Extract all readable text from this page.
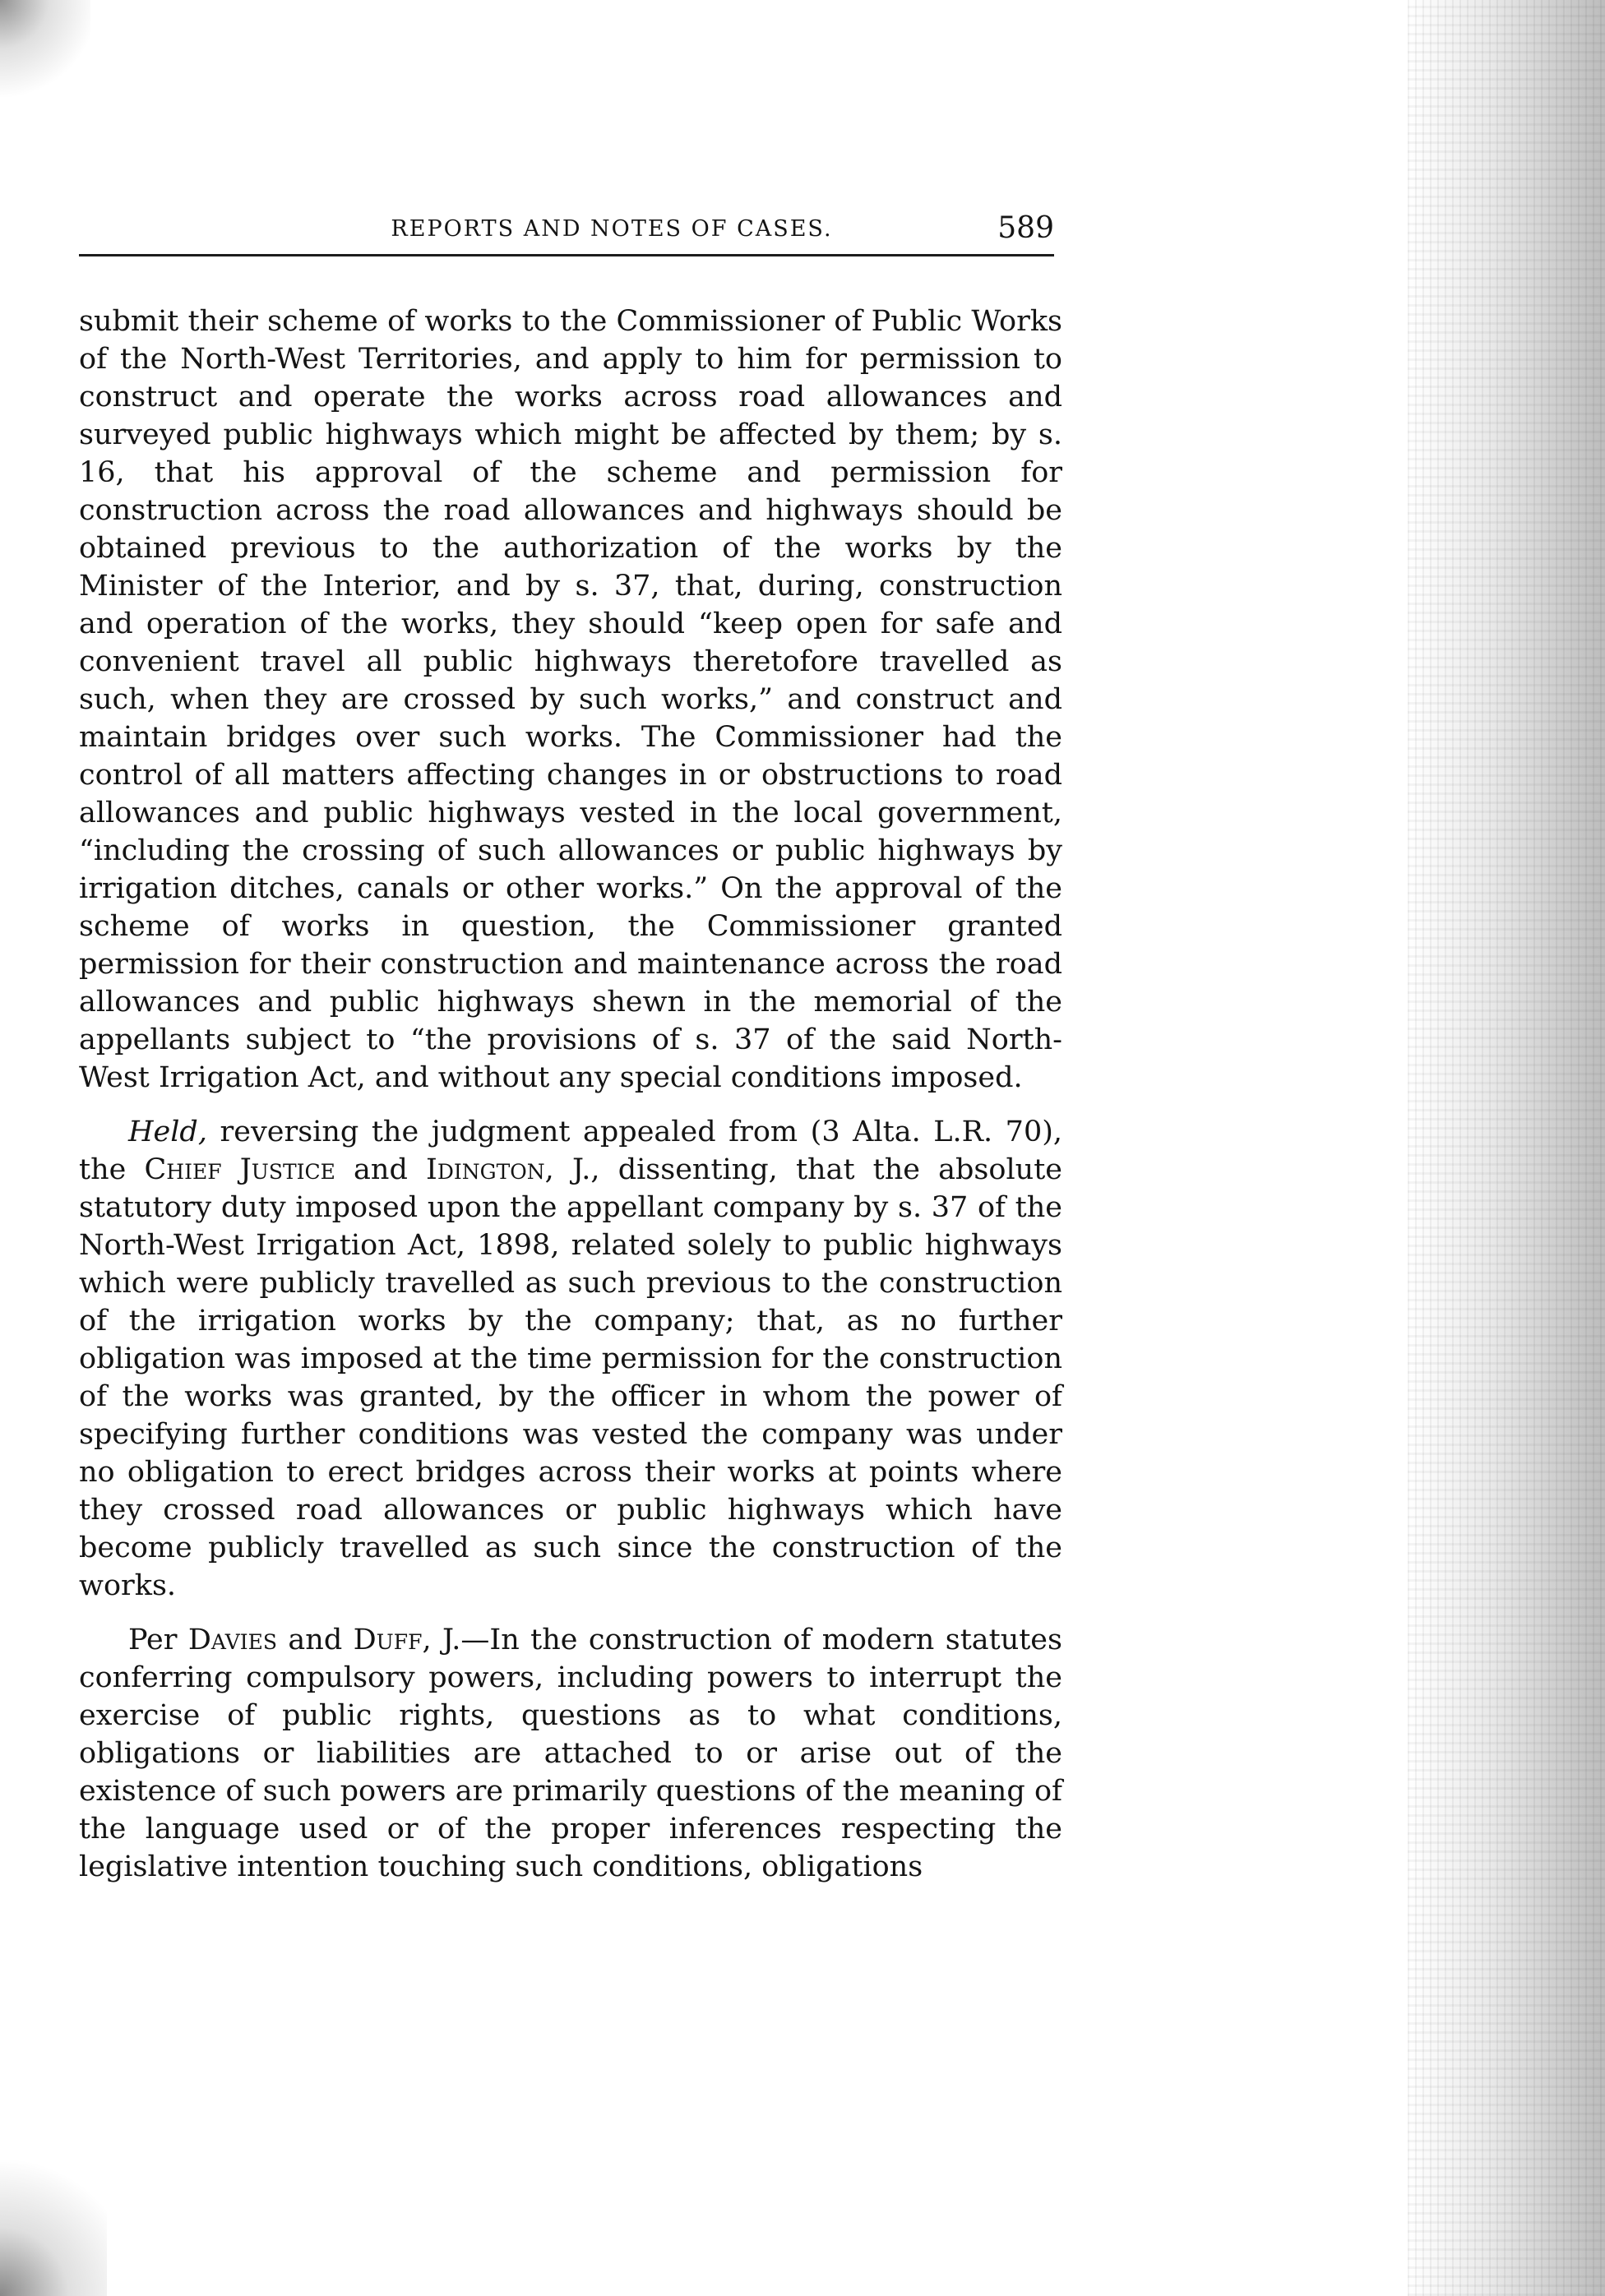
REPORTS AND NOTES OF CASES.	589

submit their scheme of works to the Commissioner of Public Works of the North-West Territories, and apply to him for permission to construct and operate the works across road allowances and surveyed public highways which might be affected by them; by s. 16, that his approval of the scheme and permission for construction across the road allowances and highways should be obtained previous to the authorization of the works by the Minister of the Interior, and by s. 37, that, during, construction and operation of the works, they should “keep open for safe and convenient travel all public highways theretofore travelled as such, when they are crossed by such works,” and construct and maintain bridges over such works. The Commissioner had the control of all matters affecting changes in or obstructions to road allowances and public highways vested in the local government, “including the crossing of such allowances or public highways by irrigation ditches, canals or other works.” On the approval of the scheme of works in question, the Commissioner granted permission for their construction and maintenance across the road allowances and public highways shewn in the memorial of the appellants subject to “the provisions of s. 37 of the said North-West Irrigation Act, and without any special conditions imposed.

Held, reversing the judgment appealed from (3 Alta. L.R. 70), the Chief Justice and Idington, J., dissenting, that the absolute statutory duty imposed upon the appellant company by s. 37 of the North-West Irrigation Act, 1898, related solely to public highways which were publicly travelled as such previous to the construction of the irrigation works by the company; that, as no further obligation was imposed at the time permission for the construction of the works was granted, by the officer in whom the power of specifying further conditions was vested the company was under no obligation to erect bridges across their works at points where they crossed road allowances or public highways which have become publicly travelled as such since the construction of the works.

Per Davies and Duff, J.—In the construction of modern statutes conferring compulsory powers, including powers to interrupt the exercise of public rights, questions as to what conditions, obligations or liabilities are attached to or arise out of the existence of such powers are primarily questions of the meaning of the language used or of the proper inferences respecting the legislative intention touching such conditions, obligations
